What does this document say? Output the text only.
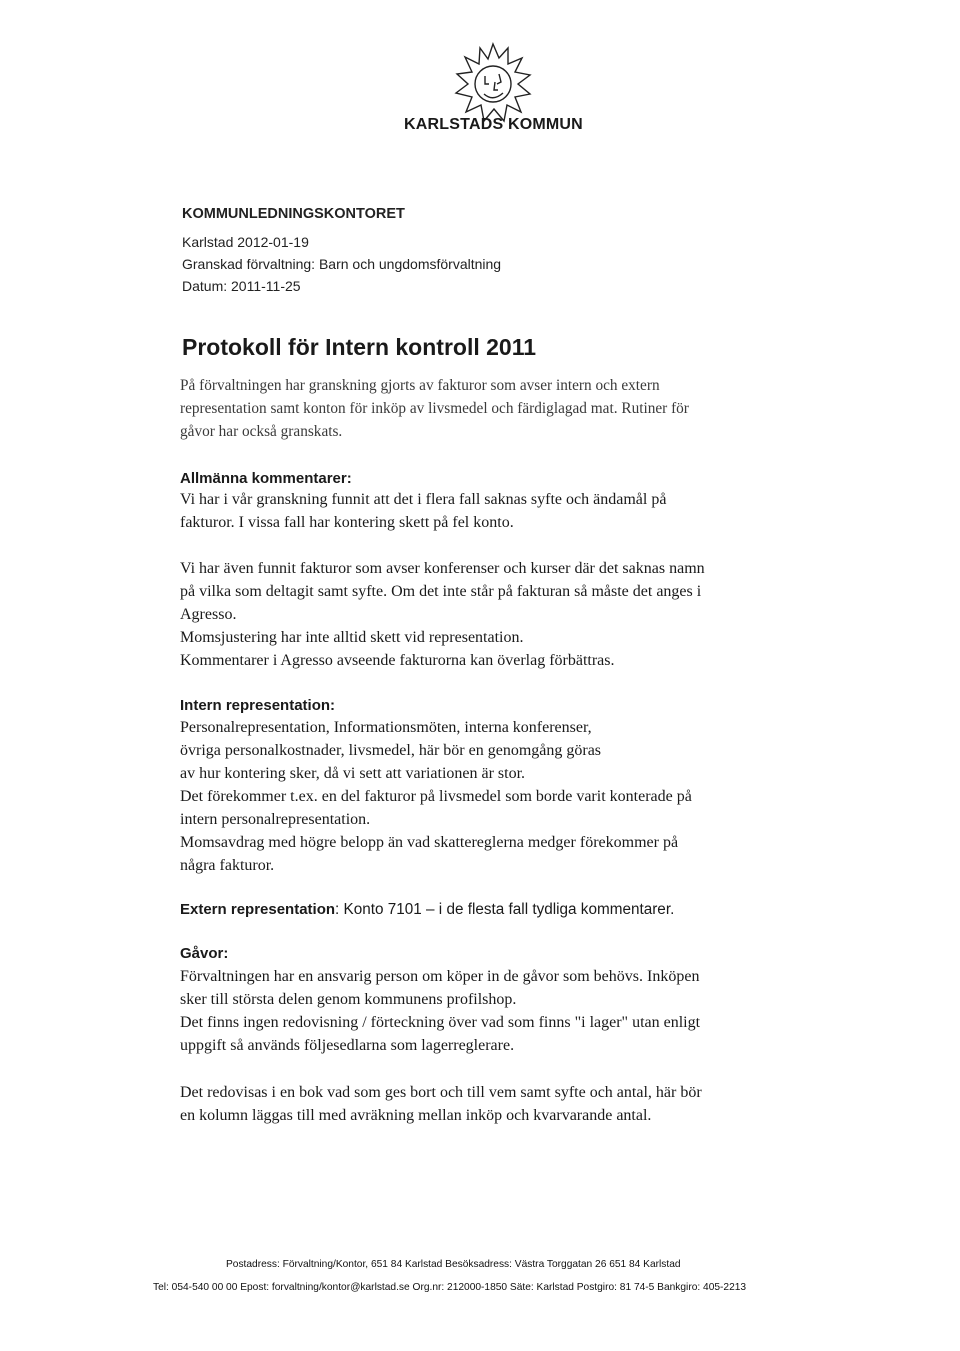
KARLSTADS KOMMUN
KOMMUNLEDNINGSKONTORET
Karlstad 2012-01-19
Granskad förvaltning: Barn och ungdomsförvaltning
Datum: 2011-11-25
Protokoll för Intern kontroll 2011

På förvaltningen har granskning gjorts av fakturor som avser intern och extern

representation samt konton för inköp av livsmedel och färdiglagad mat. Rutiner för

gåvor har också granskats.

Allmänna kommentarer:

Vi har i vår granskning funnit att det i flera fall saknas syfte och ändamål på

fakturor. I vissa fall har kontering skett på fel konto.

Vi har även funnit fakturor som avser konferenser och kurser där det saknas namn

på vilka som deltagit samt syfte. Om det inte står på fakturan så måste det anges i

Agresso.

Momsjustering har inte alltid skett vid representation.

Kommentarer i Agresso avseende fakturorna kan överlag förbättras.

Intern representation:

Personalrepresentation, Informationsmöten, interna konferenser,

övriga personalkostnader, livsmedel, här bör en genomgång göras

av hur kontering sker, då vi sett att variationen är stor.

Det förekommer t.ex. en del fakturor på livsmedel som borde varit konterade på

intern personalrepresentation.

Momsavdrag med högre belopp än vad skattereglerna medger förekommer på

några fakturor.

Extern representation: Konto 7101 – i de flesta fall tydliga kommentarer.

Gåvor:

Förvaltningen har en ansvarig person om köper in de gåvor som behövs. Inköpen

sker till största delen genom kommunens profilshop.

Det finns ingen redovisning / förteckning över vad som finns "i lager" utan enligt

uppgift så används följesedlarna som lagerreglerare.

Det redovisas i en bok vad som ges bort och till vem samt syfte och antal, här bör

en kolumn läggas till med avräkning mellan inköp och kvarvarande antal.

Postadress: Förvaltning/Kontor, 651 84 Karlstad Besöksadress: Västra Torggatan 26 651 84 Karlstad
Tel: 054-540 00 00 Epost: forvaltning/kontor@karlstad.se Org.nr: 212000-1850 Säte: Karlstad Postgiro: 81 74-5 Bankgiro: 405-2213
